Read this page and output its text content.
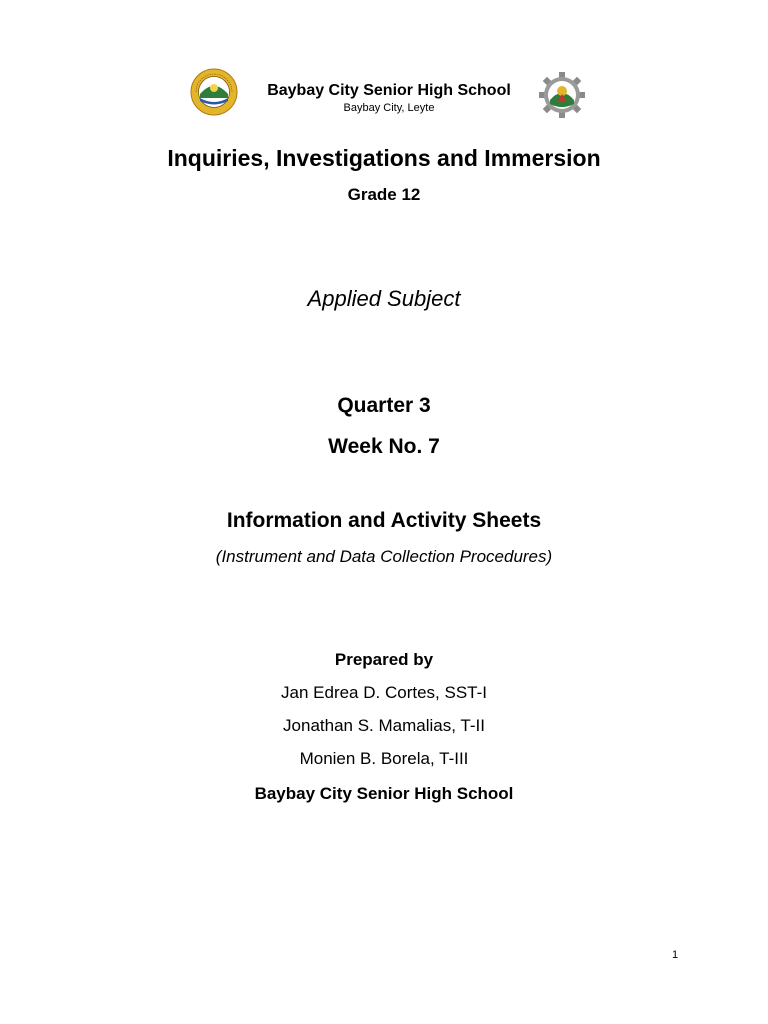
Baybay City Senior High School
Baybay City, Leyte
Inquiries, Investigations and Immersion
Grade 12
Applied Subject
Quarter 3
Week No. 7
Information and Activity Sheets
(Instrument and Data Collection Procedures)
Prepared by
Jan Edrea D. Cortes, SST-I
Jonathan S. Mamalias, T-II
Monien B. Borela, T-III
Baybay City Senior High School
1
